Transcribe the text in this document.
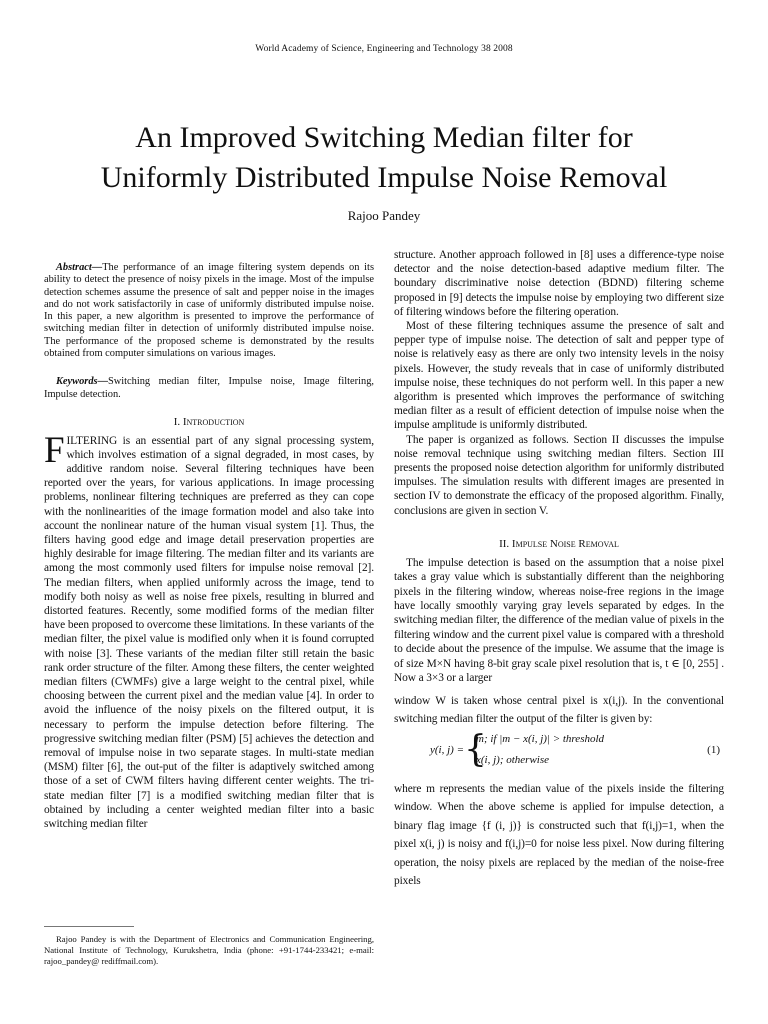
World Academy of Science, Engineering and Technology 38 2008
An Improved Switching Median filter for
Uniformly Distributed Impulse Noise Removal
Rajoo Pandey

Abstract—The performance of an image filtering system depends on its ability to detect the presence of noisy pixels in the image. Most of the impulse detection schemes assume the presence of salt and pepper noise in the images and do not work satisfactorily in case of uniformly distributed impulse noise. In this paper, a new algorithm is presented to improve the performance of switching median filter in detection of uniformly distributed impulse noise. The performance of the proposed scheme is demonstrated by the results obtained from computer simulations on various images.

Keywords—Switching median filter, Impulse noise, Image filtering, Impulse detection.

I. Introduction

FILTERING is an essential part of any signal processing system, which involves estimation of a signal degraded, in most cases, by additive random noise. Several filtering techniques have been reported over the years, for various applications. In image processing problems, nonlinear filtering techniques are preferred as they can cope with the nonlinearities of the image formation model and also take into account the nonlinear nature of the human visual system [1]. Thus, the filters having good edge and image detail preservation properties are highly desirable for image filtering. The median filter and its variants are among the most commonly used filters for impulse noise removal [2]. The median filters, when applied uniformly across the image, tend to modify both noisy as well as noise free pixels, resulting in blurred and distorted features. Recently, some modified forms of the median filter have been proposed to overcome these limitations. In these variants of the median filter, the pixel value is modified only when it is found corrupted with noise [3]. These variants of the median filter still retain the basic rank order structure of the filter. Among these filters, the center weighted median filters (CWMFs) give a large weight to the central pixel, while choosing between the current pixel and the median value [4]. In order to avoid the influence of the noisy pixels on the filtered output, it is necessary to perform the impulse detection before filtering. The progressive switching median filter (PSM) [5] achieves the detection and removal of impulse noise in two separate stages. In multi-state median (MSM) filter [6], the out-put of the filter is adaptively switched among those of a set of CWM filters having different center weights. The tri-state median filter [7] is a modified switching median filter that is obtained by including a center weighted median filter into a basic switching median filter

Rajoo Pandey is with the Department of Electronics and Communication Engineering, National Institute of Technology, Kurukshetra, India (phone: +91-1744-233421; e-mail: rajoo_pandey@ rediffmail.com).

structure. Another approach followed in [8] uses a difference-type noise detector and the noise detection-based adaptive medium filter. The boundary discriminative noise detection (BDND) filtering scheme proposed in [9] detects the impulse noise by employing two different size of filtering windows before the filtering operation.

Most of these filtering techniques assume the presence of salt and pepper type of impulse noise. The detection of salt and pepper type of noise is relatively easy as there are only two intensity levels in the noisy pixels. However, the study reveals that in case of uniformly distributed impulse noise, these techniques do not perform well. In this paper a new algorithm is presented which improves the performance of switching median filter as a result of efficient detection of impulse noise when the impulse amplitude is uniformly distributed.

The paper is organized as follows. Section II discusses the impulse noise removal technique using switching median filters. Section III presents the proposed noise detection algorithm for uniformly distributed impulses. The simulation results with different images are presented in section IV to demonstrate the efficacy of the proposed algorithm. Finally, conclusions are given in section V.

II. Impulse Noise Removal

The impulse detection is based on the assumption that a noise pixel takes a gray value which is substantially different than the neighboring pixels in the filtering window, whereas noise-free regions in the image have locally smoothly varying gray levels separated by edges. In the switching median filter, the difference of the median value of pixels in the filtering window and the current pixel value is compared with a threshold to decide about the presence of the impulse. We assume that the image is of size M×N having 8-bit gray scale pixel resolution that is, t ∈ [0, 255] . Now a 3×3 or a larger

window W is taken whose central pixel is x(i,j). In the conventional switching median filter the output of the filter is given by:

y(i, j) = {
m; if |m − x(i, j)| > threshold
x(i, j); otherwise
(1)

where m represents the median value of the pixels inside the filtering window. When the above scheme is applied for impulse detection, a binary flag image {f (i, j)} is constructed such that f(i,j)=1, when the pixel x(i, j) is noisy and f(i,j)=0 for noise less pixel. Now during filtering operation, the noisy pixels are replaced by the median of the noise-free pixels
